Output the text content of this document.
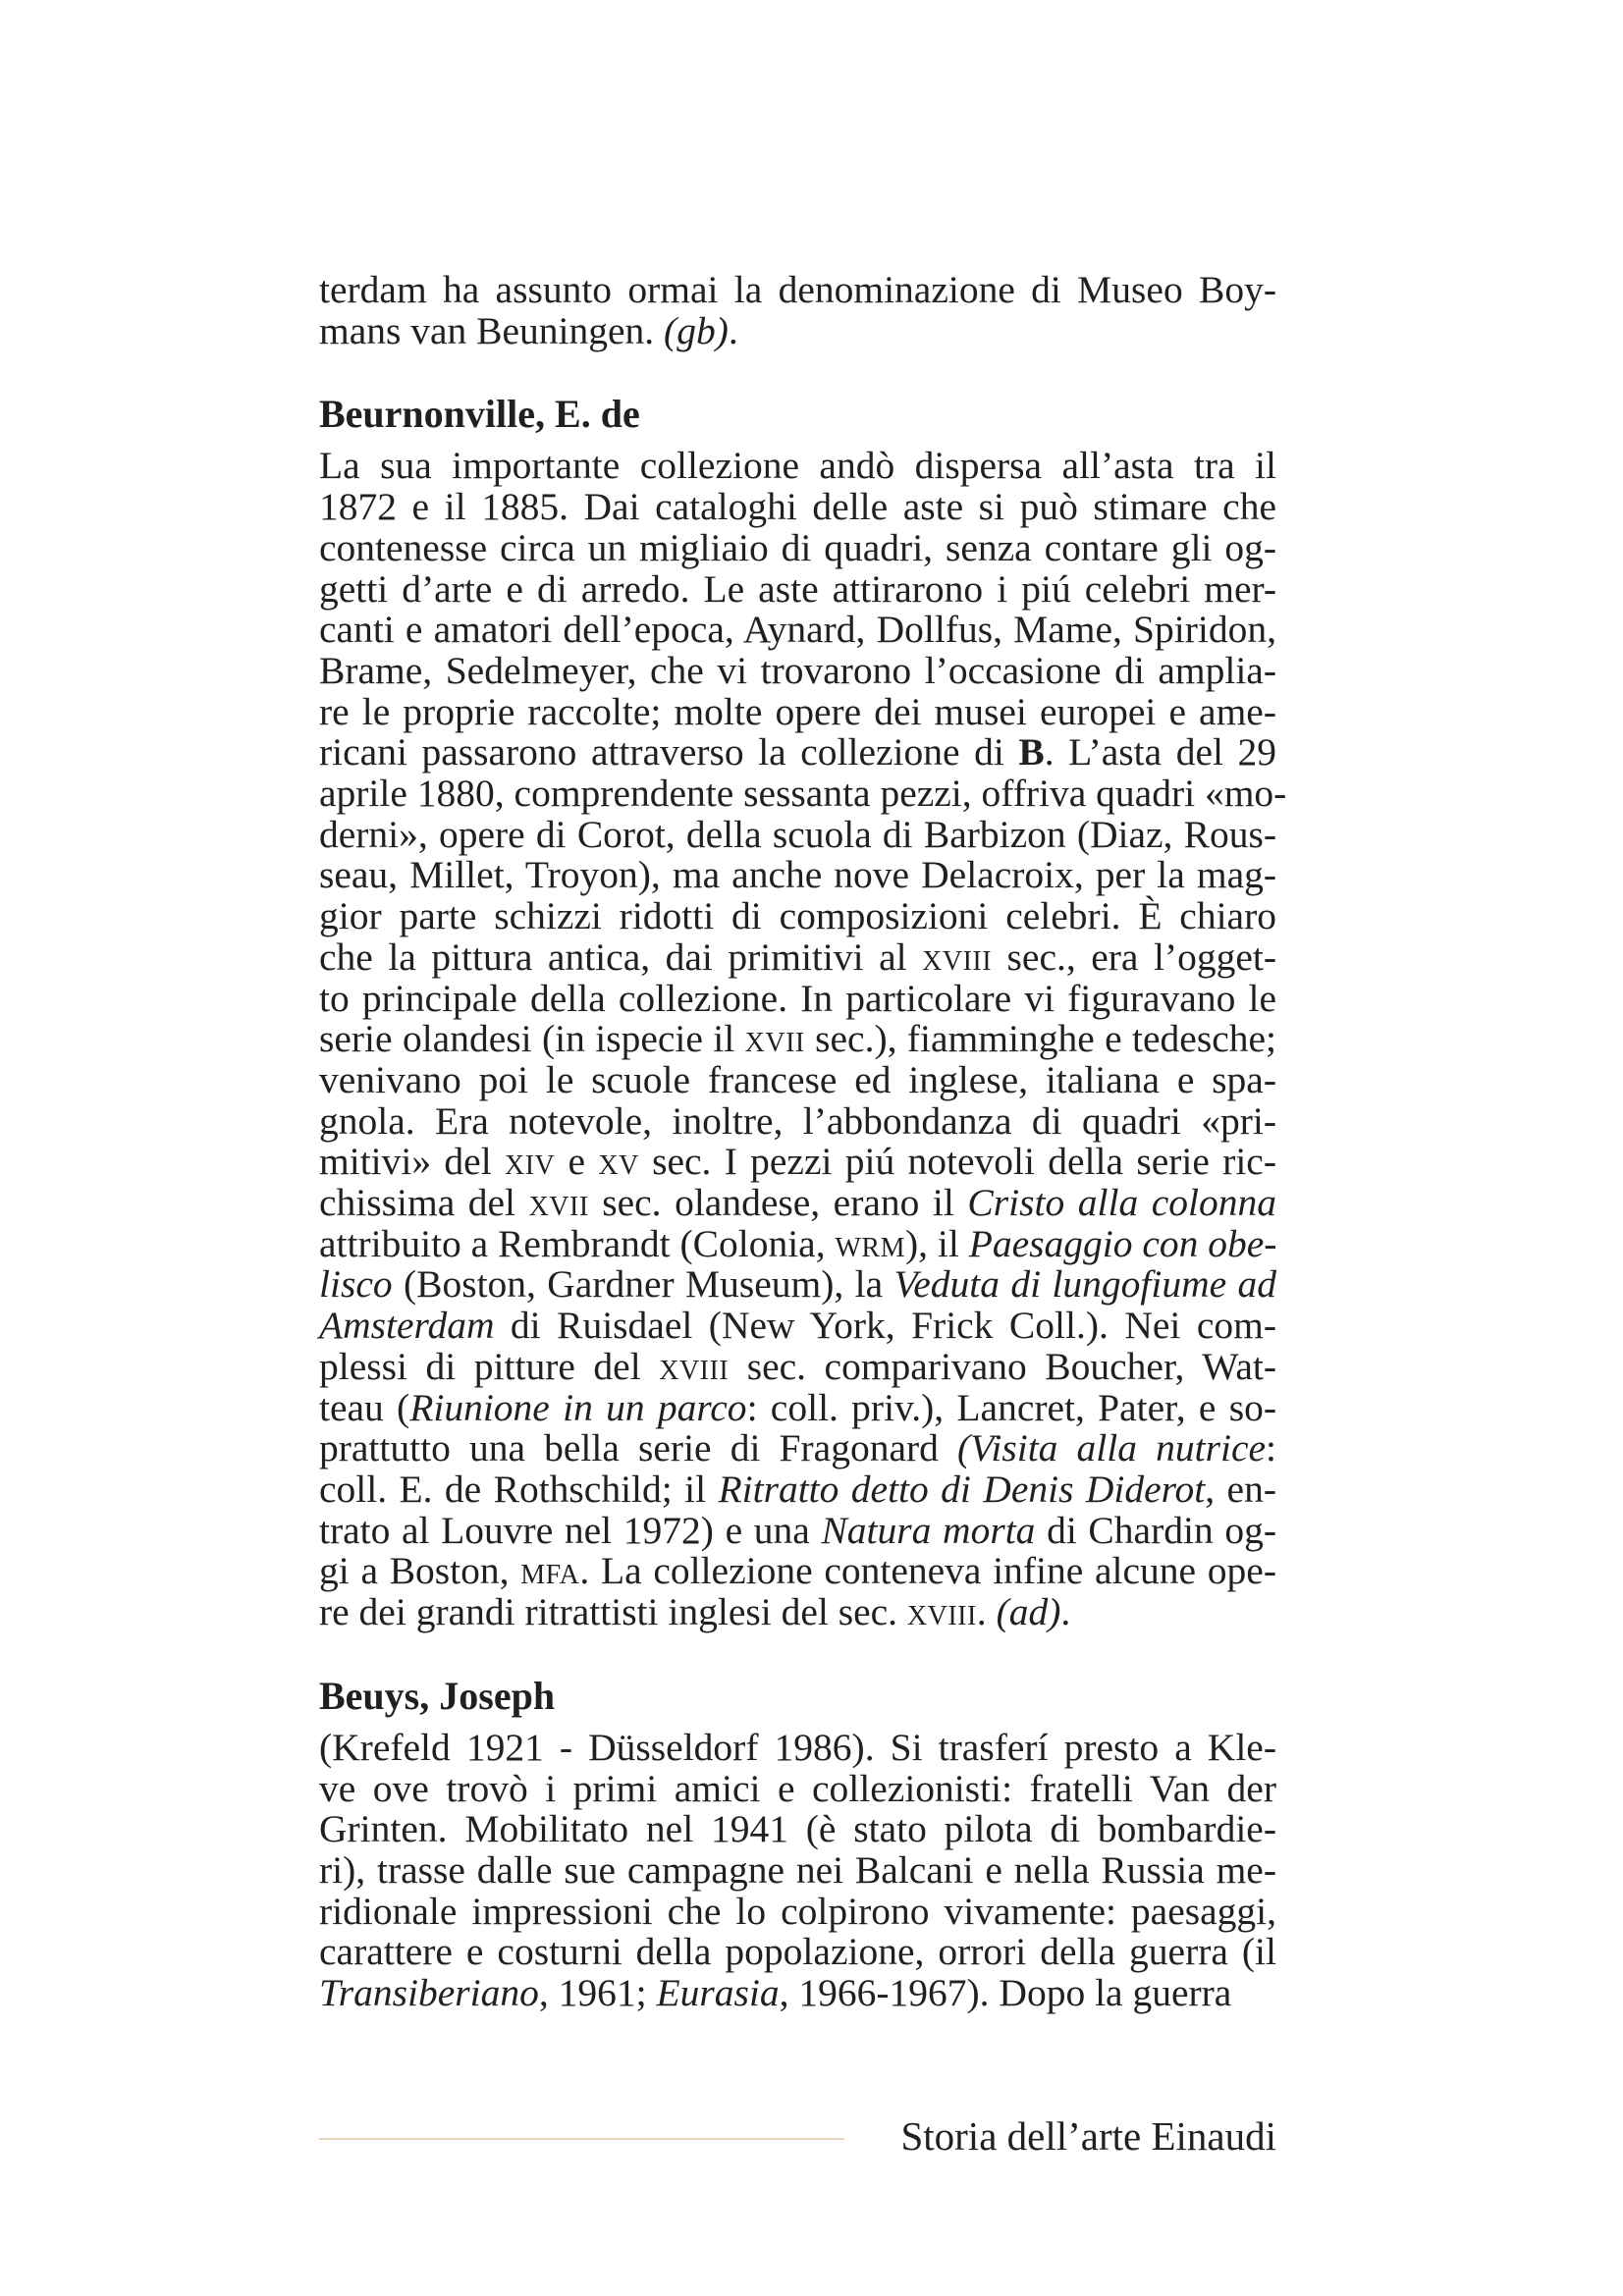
terdam ha assunto ormai la denominazione di Museo Boy-
mans van Beuningen. (gb).
Beurnonville, E. de
La sua importante collezione andò dispersa all’asta tra il
1872 e il 1885. Dai cataloghi delle aste si può stimare che
contenesse circa un migliaio di quadri, senza contare gli og-
getti d’arte e di arredo. Le aste attirarono i piú celebri mer-
canti e amatori dell’epoca, Aynard, Dollfus, Mame, Spiridon,
Brame, Sedelmeyer, che vi trovarono l’occasione di amplia-
re le proprie raccolte; molte opere dei musei europei e ame-
ricani passarono attraverso la collezione di B. L’asta del 29
aprile 1880, comprendente sessanta pezzi, offriva quadri «mo-
derni», opere di Corot, della scuola di Barbizon (Diaz, Rous-
seau, Millet, Troyon), ma anche nove Delacroix, per la mag-
gior parte schizzi ridotti di composizioni celebri. È chiaro
che la pittura antica, dai primitivi al xviii sec., era l’ogget-
to principale della collezione. In particolare vi figuravano le
serie olandesi (in ispecie il xvii sec.), fiamminghe e tedesche;
venivano poi le scuole francese ed inglese, italiana e spa-
gnola. Era notevole, inoltre, l’abbondanza di quadri «pri-
mitivi» del xiv e xv sec. I pezzi piú notevoli della serie ric-
chissima del xvii sec. olandese, erano il Cristo alla colonna
attribuito a Rembrandt (Colonia, wrm), il Paesaggio con obe-
lisco (Boston, Gardner Museum), la Veduta di lungofiume ad
Amsterdam di Ruisdael (New York, Frick Coll.). Nei com-
plessi di pitture del xviii sec. comparivano Boucher, Wat-
teau (Riunione in un parco: coll. priv.), Lancret, Pater, e so-
prattutto una bella serie di Fragonard (Visita alla nutrice:
coll. E. de Rothschild; il Ritratto detto di Denis Diderot, en-
trato al Louvre nel 1972) e una Natura morta di Chardin og-
gi a Boston, mfa. La collezione conteneva infine alcune ope-
re dei grandi ritrattisti inglesi del sec. xviii. (ad).
Beuys, Joseph
(Krefeld 1921 - Düsseldorf 1986). Si trasferí presto a Kle-
ve ove trovò i primi amici e collezionisti: fratelli Van der
Grinten. Mobilitato nel 1941 (è stato pilota di bombardie-
ri), trasse dalle sue campagne nei Balcani e nella Russia me-
ridionale impressioni che lo colpirono vivamente: paesaggi,
carattere e costurni della popolazione, orrori della guerra (il
Transiberiano, 1961; Eurasia, 1966-1967). Dopo la guerra
Storia dell’arte Einaudi
